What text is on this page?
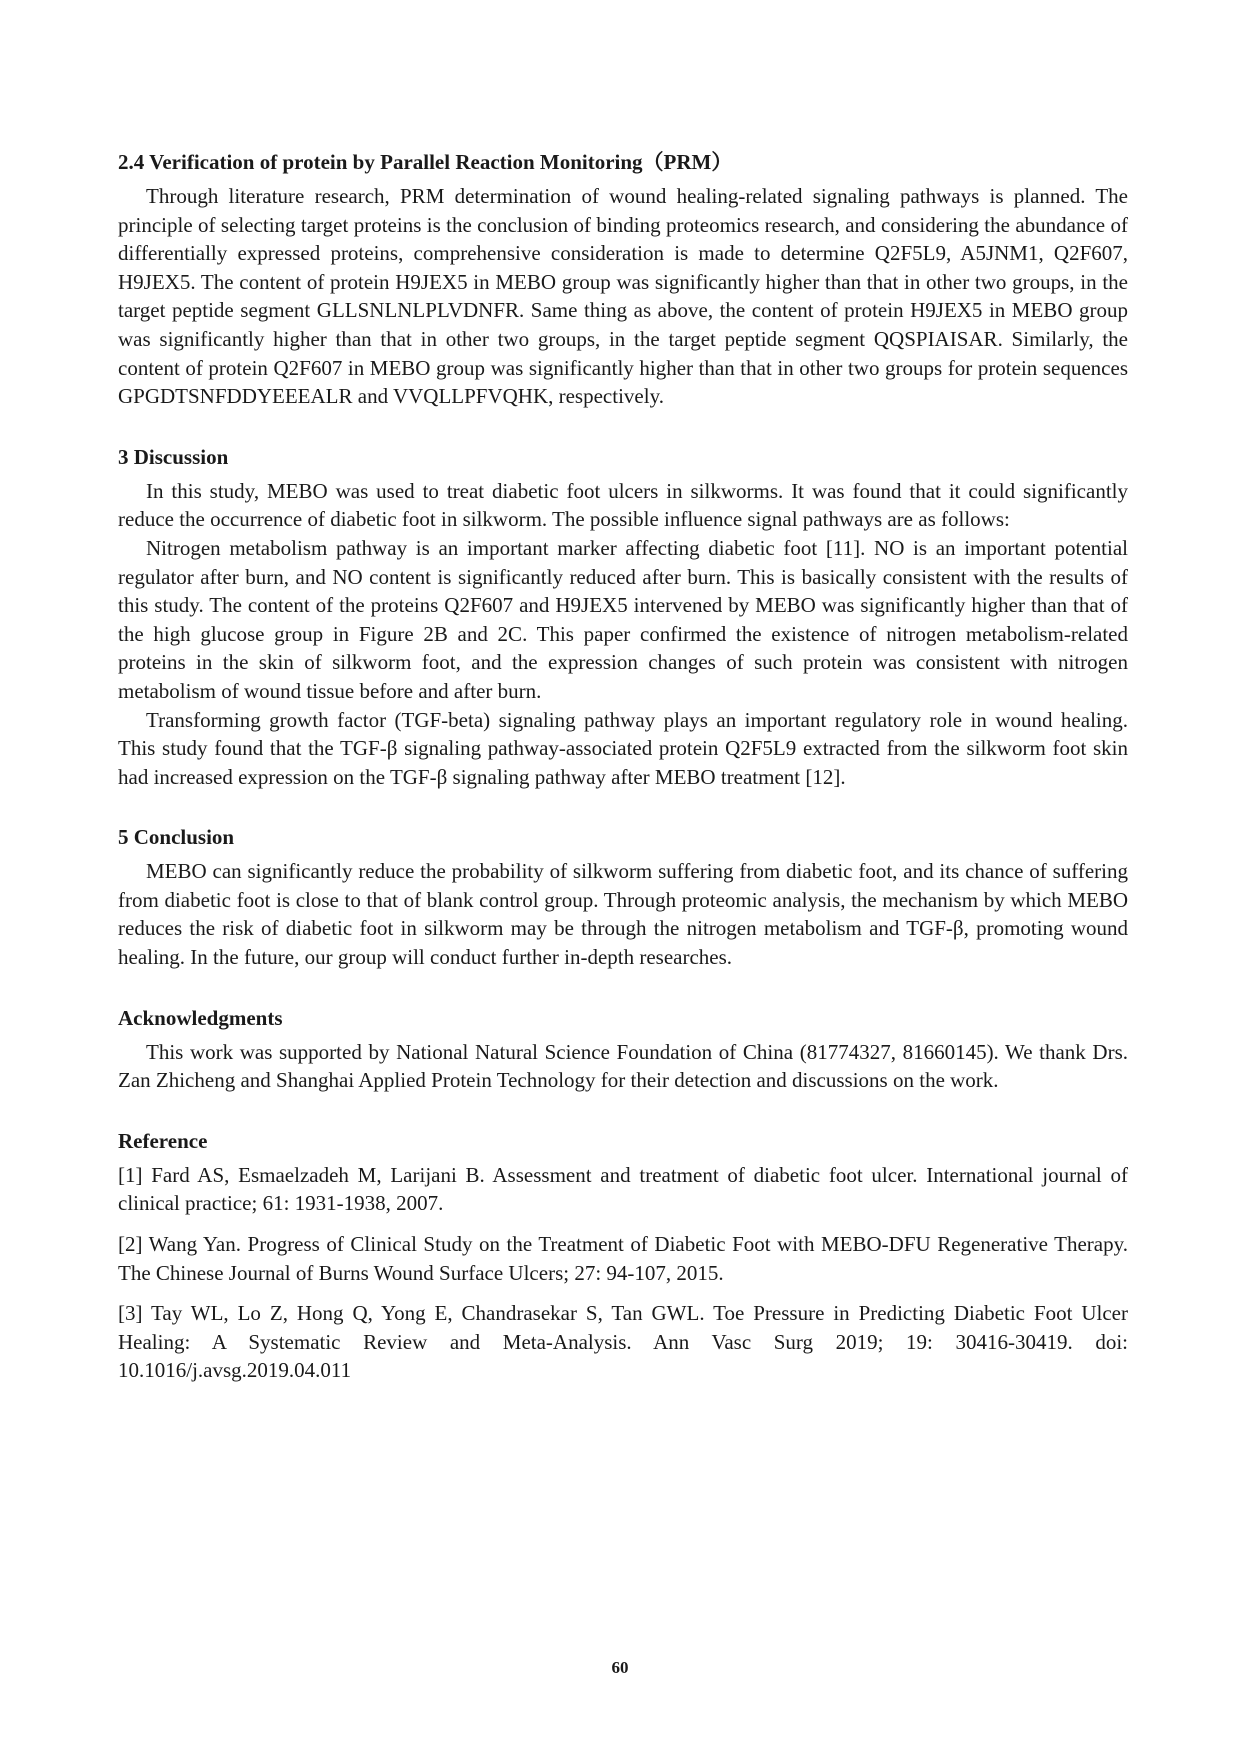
2.4 Verification of protein by Parallel Reaction Monitoring（PRM）

Through literature research, PRM determination of wound healing-related signaling pathways is planned. The principle of selecting target proteins is the conclusion of binding proteomics research, and considering the abundance of differentially expressed proteins, comprehensive consideration is made to determine Q2F5L9, A5JNM1, Q2F607, H9JEX5. The content of protein H9JEX5 in MEBO group was significantly higher than that in other two groups, in the target peptide segment GLLSNLNLPLVDNFR. Same thing as above, the content of protein H9JEX5 in MEBO group was significantly higher than that in other two groups, in the target peptide segment QQSPIAISAR. Similarly, the content of protein Q2F607 in MEBO group was significantly higher than that in other two groups for protein sequences GPGDTSNFDDYEEEALR and VVQLLPFVQHK, respectively.

3 Discussion

In this study, MEBO was used to treat diabetic foot ulcers in silkworms. It was found that it could significantly reduce the occurrence of diabetic foot in silkworm. The possible influence signal pathways are as follows:

Nitrogen metabolism pathway is an important marker affecting diabetic foot [11]. NO is an important potential regulator after burn, and NO content is significantly reduced after burn. This is basically consistent with the results of this study. The content of the proteins Q2F607 and H9JEX5 intervened by MEBO was significantly higher than that of the high glucose group in Figure 2B and 2C. This paper confirmed the existence of nitrogen metabolism-related proteins in the skin of silkworm foot, and the expression changes of such protein was consistent with nitrogen metabolism of wound tissue before and after burn.

Transforming growth factor (TGF-beta) signaling pathway plays an important regulatory role in wound healing. This study found that the TGF-β signaling pathway-associated protein Q2F5L9 extracted from the silkworm foot skin had increased expression on the TGF-β signaling pathway after MEBO treatment [12].

5 Conclusion

MEBO can significantly reduce the probability of silkworm suffering from diabetic foot, and its chance of suffering from diabetic foot is close to that of blank control group. Through proteomic analysis, the mechanism by which MEBO reduces the risk of diabetic foot in silkworm may be through the nitrogen metabolism and TGF-β, promoting wound healing. In the future, our group will conduct further in-depth researches.

Acknowledgments

This work was supported by National Natural Science Foundation of China (81774327, 81660145). We thank Drs. Zan Zhicheng and Shanghai Applied Protein Technology for their detection and discussions on the work.

Reference

[1] Fard AS, Esmaelzadeh M, Larijani B. Assessment and treatment of diabetic foot ulcer. International journal of clinical practice; 61: 1931-1938, 2007.

[2] Wang Yan. Progress of Clinical Study on the Treatment of Diabetic Foot with MEBO-DFU Regenerative Therapy. The Chinese Journal of Burns Wound Surface Ulcers; 27: 94-107, 2015.

[3] Tay WL, Lo Z, Hong Q, Yong E, Chandrasekar S, Tan GWL. Toe Pressure in Predicting Diabetic Foot Ulcer Healing: A Systematic Review and Meta-Analysis. Ann Vasc Surg 2019; 19: 30416-30419. doi: 10.1016/j.avsg.2019.04.011

60
